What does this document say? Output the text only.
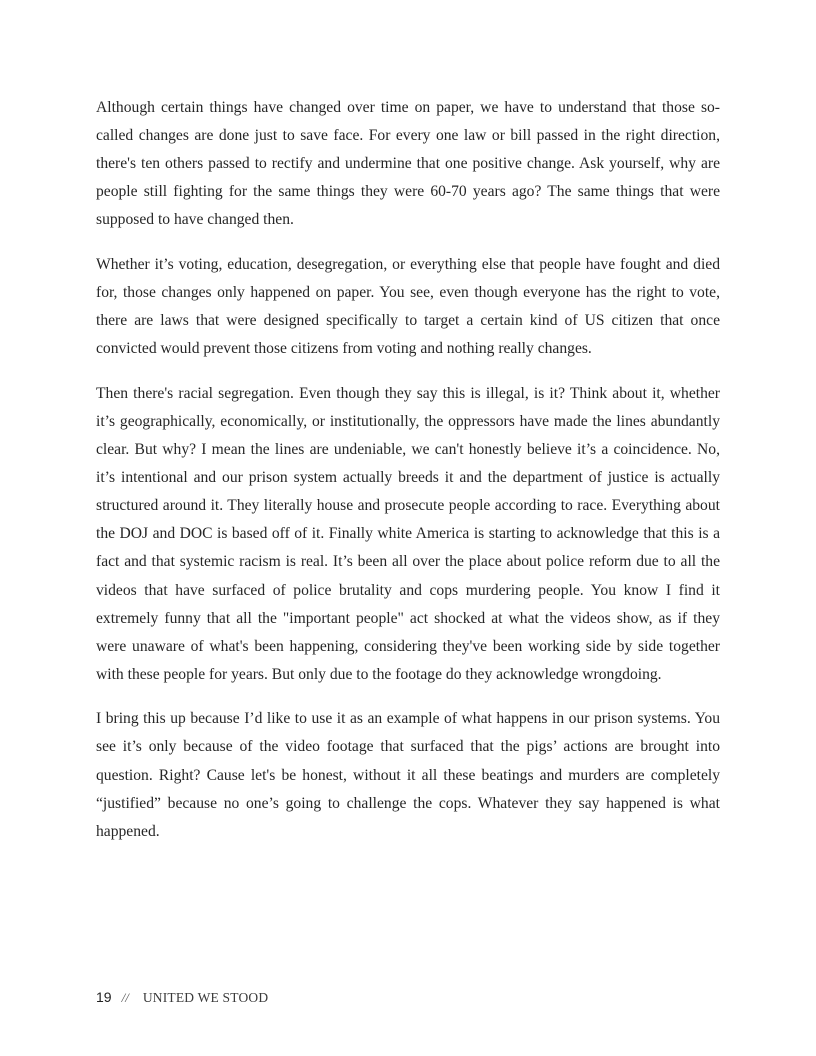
Although certain things have changed over time on paper, we have to understand that those so-called changes are done just to save face. For every one law or bill passed in the right direction, there's ten others passed to rectify and undermine that one positive change. Ask yourself, why are people still fighting for the same things they were 60-70 years ago? The same things that were supposed to have changed then.

Whether it’s voting, education, desegregation, or everything else that people have fought and died for, those changes only happened on paper. You see, even though everyone has the right to vote, there are laws that were designed specifically to target a certain kind of US citizen that once convicted would prevent those citizens from voting and nothing really changes.

Then there's racial segregation. Even though they say this is illegal, is it? Think about it, whether it’s geographically, economically, or institutionally, the oppressors have made the lines abundantly clear. But why? I mean the lines are undeniable, we can't honestly believe it’s a coincidence. No, it’s intentional and our prison system actually breeds it and the department of justice is actually structured around it. They literally house and prosecute people according to race. Everything about the DOJ and DOC is based off of it. Finally white America is starting to acknowledge that this is a fact and that systemic racism is real. It’s been all over the place about police reform due to all the videos that have surfaced of police brutality and cops murdering people. You know I find it extremely funny that all the "important people" act shocked at what the videos show, as if they were unaware of what's been happening, considering they've been working side by side together with these people for years. But only due to the footage do they acknowledge wrongdoing.

I bring this up because I’d like to use it as an example of what happens in our prison systems. You see it’s only because of the video footage that surfaced that the pigs’ actions are brought into question. Right? Cause let's be honest, without it all these beatings and murders are completely “justified” because no one’s going to challenge the cops. Whatever they say happened is what happened.

19 // UNITED WE STOOD
